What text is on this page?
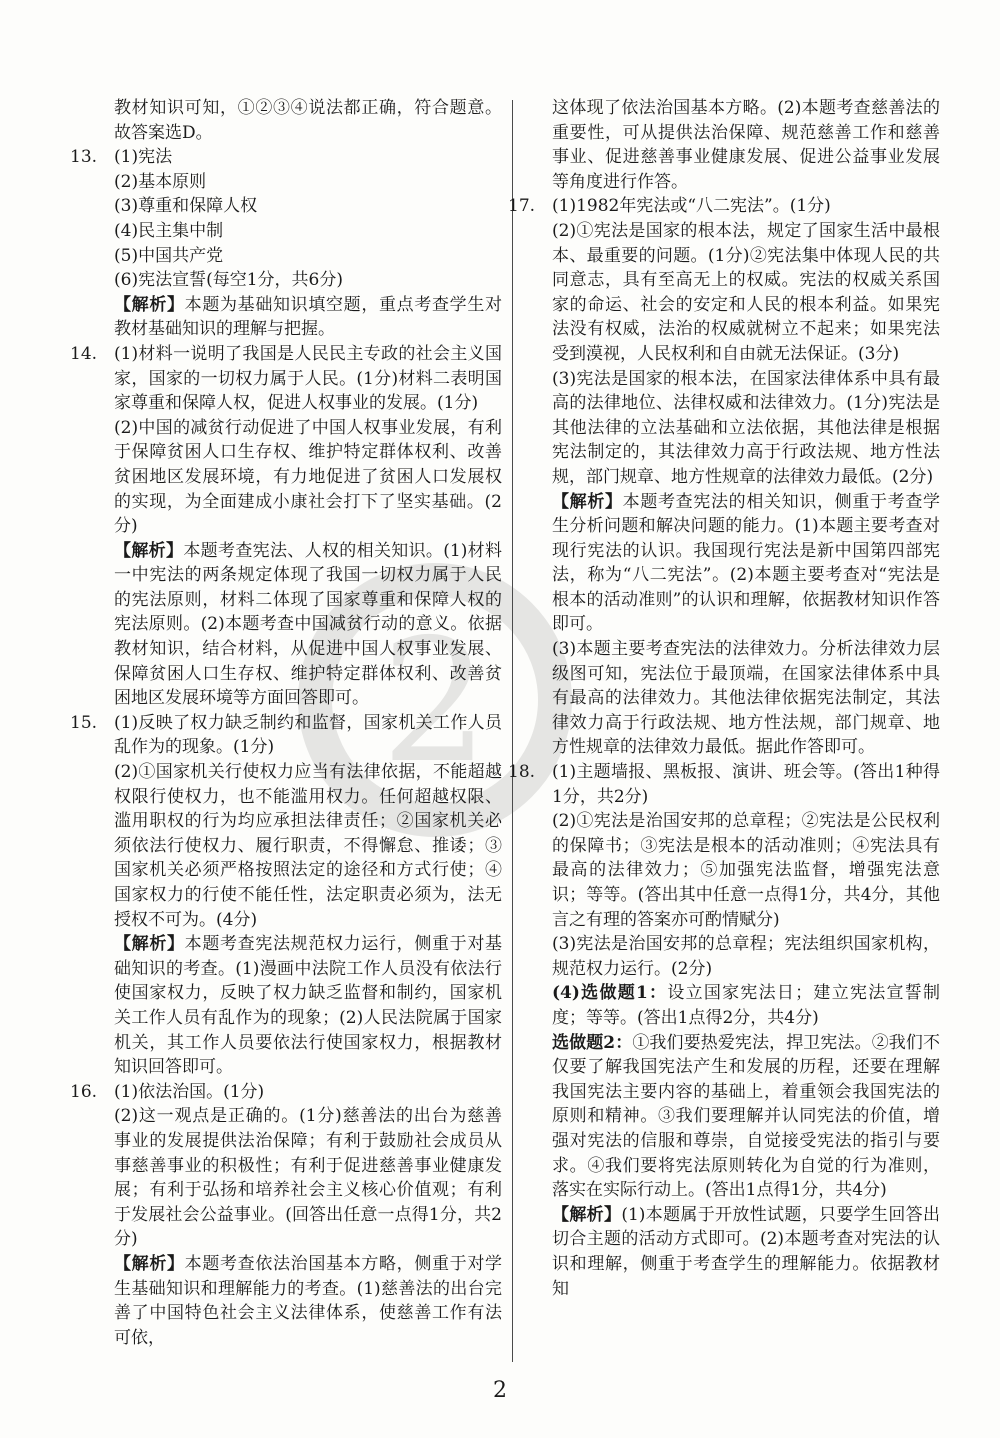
2

教材知识可知，①②③④说法都正确，符合题意。故答案选D。

13. (1)宪法

(2)基本原则

(3)尊重和保障人权

(4)民主集中制

(5)中国共产党

(6)宪法宣誓(每空1分，共6分)

【解析】本题为基础知识填空题，重点考查学生对教材基础知识的理解与把握。

14. (1)材料一说明了我国是人民民主专政的社会主义国家，国家的一切权力属于人民。(1分)材料二表明国家尊重和保障人权，促进人权事业的发展。(1分)

(2)中国的减贫行动促进了中国人权事业发展，有利于保障贫困人口生存权、维护特定群体权利、改善贫困地区发展环境，有力地促进了贫困人口发展权的实现，为全面建成小康社会打下了坚实基础。(2分)

【解析】本题考查宪法、人权的相关知识。(1)材料一中宪法的两条规定体现了我国一切权力属于人民的宪法原则，材料二体现了国家尊重和保障人权的宪法原则。(2)本题考查中国减贫行动的意义。依据教材知识，结合材料，从促进中国人权事业发展、保障贫困人口生存权、维护特定群体权利、改善贫困地区发展环境等方面回答即可。

15. (1)反映了权力缺乏制约和监督，国家机关工作人员乱作为的现象。(1分)

(2)①国家机关行使权力应当有法律依据，不能超越权限行使权力，也不能滥用权力。任何超越权限、滥用职权的行为均应承担法律责任；②国家机关必须依法行使权力、履行职责，不得懈怠、推诿；③国家机关必须严格按照法定的途径和方式行使；④国家权力的行使不能任性，法定职责必须为，法无授权不可为。(4分)

【解析】本题考查宪法规范权力运行，侧重于对基础知识的考查。(1)漫画中法院工作人员没有依法行使国家权力，反映了权力缺乏监督和制约，国家机关工作人员有乱作为的现象；(2)人民法院属于国家机关，其工作人员要依法行使国家权力，根据教材知识回答即可。

16. (1)依法治国。(1分)

(2)这一观点是正确的。(1分)慈善法的出台为慈善事业的发展提供法治保障；有利于鼓励社会成员从事慈善事业的积极性；有利于促进慈善事业健康发展；有利于弘扬和培养社会主义核心价值观；有利于发展社会公益事业。(回答出任意一点得1分，共2分)

【解析】本题考查依法治国基本方略，侧重于对学生基础知识和理解能力的考查。(1)慈善法的出台完善了中国特色社会主义法律体系，使慈善工作有法可依，

这体现了依法治国基本方略。(2)本题考查慈善法的重要性，可从提供法治保障、规范慈善工作和慈善事业、促进慈善事业健康发展、促进公益事业发展等角度进行作答。

17. (1)1982年宪法或“八二宪法”。(1分)

(2)①宪法是国家的根本法，规定了国家生活中最根本、最重要的问题。(1分)②宪法集中体现人民的共同意志，具有至高无上的权威。宪法的权威关系国家的命运、社会的安定和人民的根本利益。如果宪法没有权威，法治的权威就树立不起来；如果宪法受到漠视，人民权利和自由就无法保证。(3分)

(3)宪法是国家的根本法，在国家法律体系中具有最高的法律地位、法律权威和法律效力。(1分)宪法是其他法律的立法基础和立法依据，其他法律是根据宪法制定的，其法律效力高于行政法规、地方性法规，部门规章、地方性规章的法律效力最低。(2分)

【解析】本题考查宪法的相关知识，侧重于考查学生分析问题和解决问题的能力。(1)本题主要考查对现行宪法的认识。我国现行宪法是新中国第四部宪法，称为“八二宪法”。(2)本题主要考查对“宪法是根本的活动准则”的认识和理解，依据教材知识作答即可。

(3)本题主要考查宪法的法律效力。分析法律效力层级图可知，宪法位于最顶端，在国家法律体系中具有最高的法律效力。其他法律依据宪法制定，其法律效力高于行政法规、地方性法规，部门规章、地方性规章的法律效力最低。据此作答即可。

18. (1)主题墙报、黑板报、演讲、班会等。(答出1种得1分，共2分)

(2)①宪法是治国安邦的总章程；②宪法是公民权利的保障书；③宪法是根本的活动准则；④宪法具有最高的法律效力；⑤加强宪法监督，增强宪法意识；等等。(答出其中任意一点得1分，共4分，其他言之有理的答案亦可酌情赋分)

(3)宪法是治国安邦的总章程；宪法组织国家机构，规范权力运行。(2分)

(4)选做题1：设立国家宪法日；建立宪法宣誓制度；等等。(答出1点得2分，共4分)

选做题2：①我们要热爱宪法，捍卫宪法。②我们不仅要了解我国宪法产生和发展的历程，还要在理解我国宪法主要内容的基础上，着重领会我国宪法的原则和精神。③我们要理解并认同宪法的价值，增强对宪法的信服和尊崇，自觉接受宪法的指引与要求。④我们要将宪法原则转化为自觉的行为准则，落实在实际行动上。(答出1点得1分，共4分)

【解析】(1)本题属于开放性试题，只要学生回答出切合主题的活动方式即可。(2)本题考查对宪法的认识和理解，侧重于考查学生的理解能力。依据教材知

2
